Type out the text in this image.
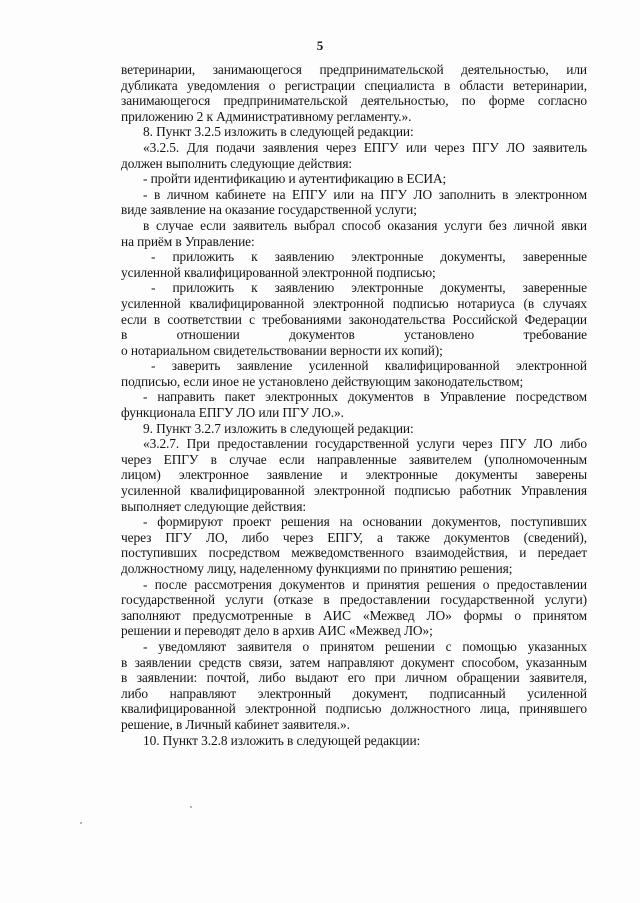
5
ветеринарии, занимающегося предпринимательской деятельностью, или
дубликата уведомления о регистрации специалиста в области ветеринарии,
занимающегося предпринимательской деятельностью, по форме согласно
приложению 2 к Административному регламенту.».
8. Пункт 3.2.5 изложить в следующей редакции:
«3.2.5. Для подачи заявления через ЕПГУ или через ПГУ ЛО заявитель
должен выполнить следующие действия:
- пройти идентификацию и аутентификацию в ЕСИА;
- в личном кабинете на ЕПГУ или на ПГУ ЛО заполнить в электронном
виде заявление на оказание государственной услуги;
в случае если заявитель выбрал способ оказания услуги без личной явки
на приём в Управление:
- приложить к заявлению электронные документы, заверенные
усиленной квалифицированной электронной подписью;
- приложить к заявлению электронные документы, заверенные
усиленной квалифицированной электронной подписью нотариуса (в случаях
если в соответствии с требованиями законодательства Российской Федерации
в отношении документов установлено требование
о нотариальном свидетельствовании верности их копий);
- заверить заявление усиленной квалифицированной электронной
подписью, если иное не установлено действующим законодательством;
- направить пакет электронных документов в Управление посредством
функционала ЕПГУ ЛО или ПГУ ЛО.».
9. Пункт 3.2.7 изложить в следующей редакции:
«3.2.7. При предоставлении государственной услуги через ПГУ ЛО либо
через ЕПГУ в случае если направленные заявителем (уполномоченным
лицом) электронное заявление и электронные документы заверены
усиленной квалифицированной электронной подписью работник Управления
выполняет следующие действия:
- формируют проект решения на основании документов, поступивших
через ПГУ ЛО, либо через ЕПГУ, а также документов (сведений),
поступивших посредством межведомственного взаимодействия, и передает
должностному лицу, наделенному функциями по принятию решения;
- после рассмотрения документов и принятия решения о предоставлении
государственной услуги (отказе в предоставлении государственной услуги)
заполняют предусмотренные в АИС «Межвед ЛО» формы о принятом
решении и переводят дело в архив АИС «Межвед ЛО»;
- уведомляют заявителя о принятом решении с помощью указанных
в заявлении средств связи, затем направляют документ способом, указанным
в заявлении: почтой, либо выдают его при личном обращении заявителя,
либо направляют электронный документ, подписанный усиленной
квалифицированной электронной подписью должностного лица, принявшего
решение, в Личный кабинет заявителя.».
10. Пункт 3.2.8 изложить в следующей редакции:
